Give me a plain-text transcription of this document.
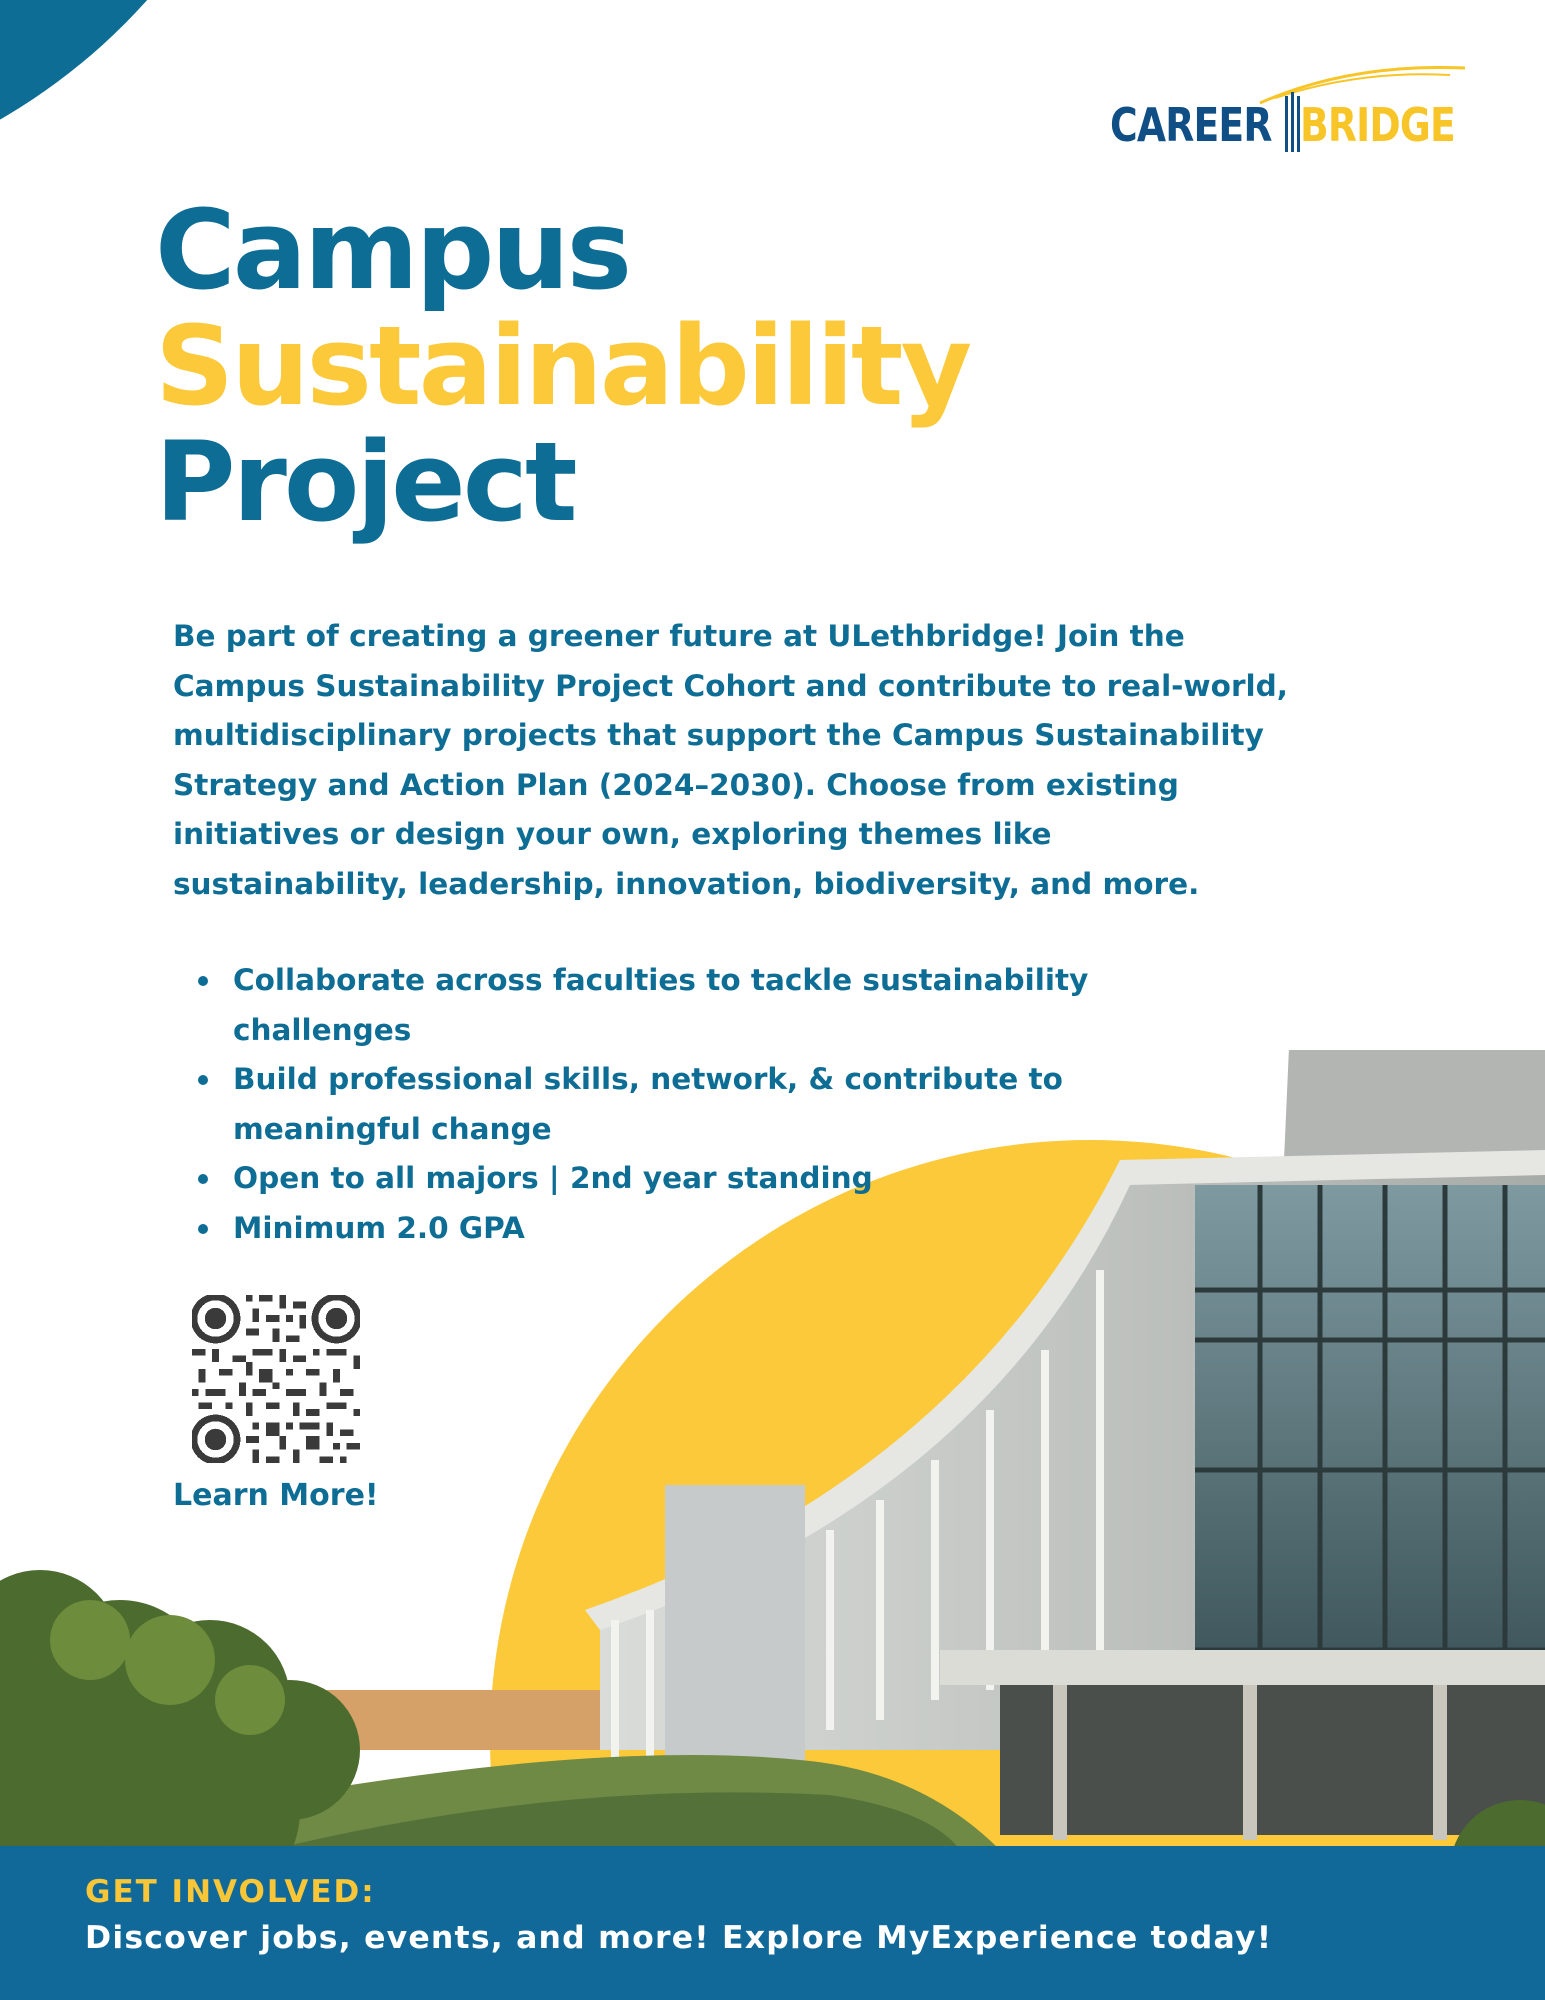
CAREER BRIDGE
Campus
Sustainability
Project

Be part of creating a greener future at ULethbridge! Join the Campus Sustainability Project Cohort and contribute to real-world, multidisciplinary projects that support the Campus Sustainability Strategy and Action Plan (2024–2030). Choose from existing initiatives or design your own, exploring themes like sustainability, leadership, innovation, biodiversity, and more.

Collaborate across faculties to tackle sustainability challenges
Build professional skills, network, & contribute to meaningful change
Open to all majors | 2nd year standing
Minimum 2.0 GPA
Learn More!
GET INVOLVED:
Discover jobs, events, and more! Explore MyExperience today!
